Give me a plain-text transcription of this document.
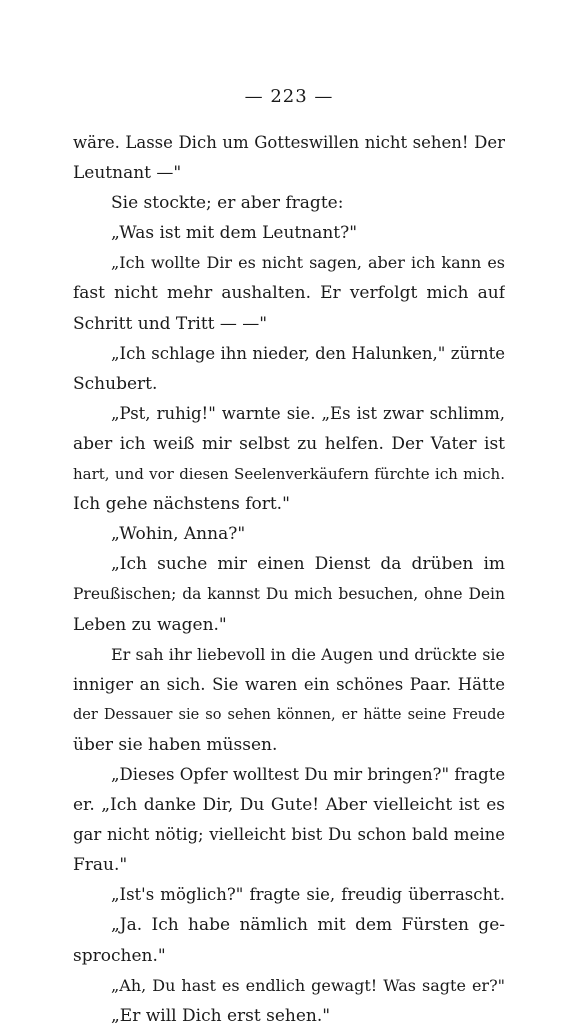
— 223 —
wäre. Lasse Dich um Gotteswillen nicht sehen! Der
Leutnant —"
Sie stockte; er aber fragte:
„Was ist mit dem Leutnant?"
„Ich wollte Dir es nicht sagen, aber ich kann es
fast nicht mehr aushalten. Er verfolgt mich auf
Schritt und Tritt — —"
„Ich schlage ihn nieder, den Halunken," zürnte
Schubert.
„Pst, ruhig!" warnte sie. „Es ist zwar schlimm,
aber ich weiß mir selbst zu helfen. Der Vater ist
hart, und vor diesen Seelenverkäufern fürchte ich mich.
Ich gehe nächstens fort."
„Wohin, Anna?"
„Ich suche mir einen Dienst da drüben im
Preußischen; da kannst Du mich besuchen, ohne Dein
Leben zu wagen."
Er sah ihr liebevoll in die Augen und drückte sie
inniger an sich. Sie waren ein schönes Paar. Hätte
der Dessauer sie so sehen können, er hätte seine Freude
über sie haben müssen.
„Dieses Opfer wolltest Du mir bringen?" fragte
er. „Ich danke Dir, Du Gute! Aber vielleicht ist es
gar nicht nötig; vielleicht bist Du schon bald meine
Frau."
„Ist's möglich?" fragte sie, freudig überrascht.
„Ja. Ich habe nämlich mit dem Fürsten ge-
sprochen."
„Ah, Du hast es endlich gewagt! Was sagte er?"
„Er will Dich erst sehen."
